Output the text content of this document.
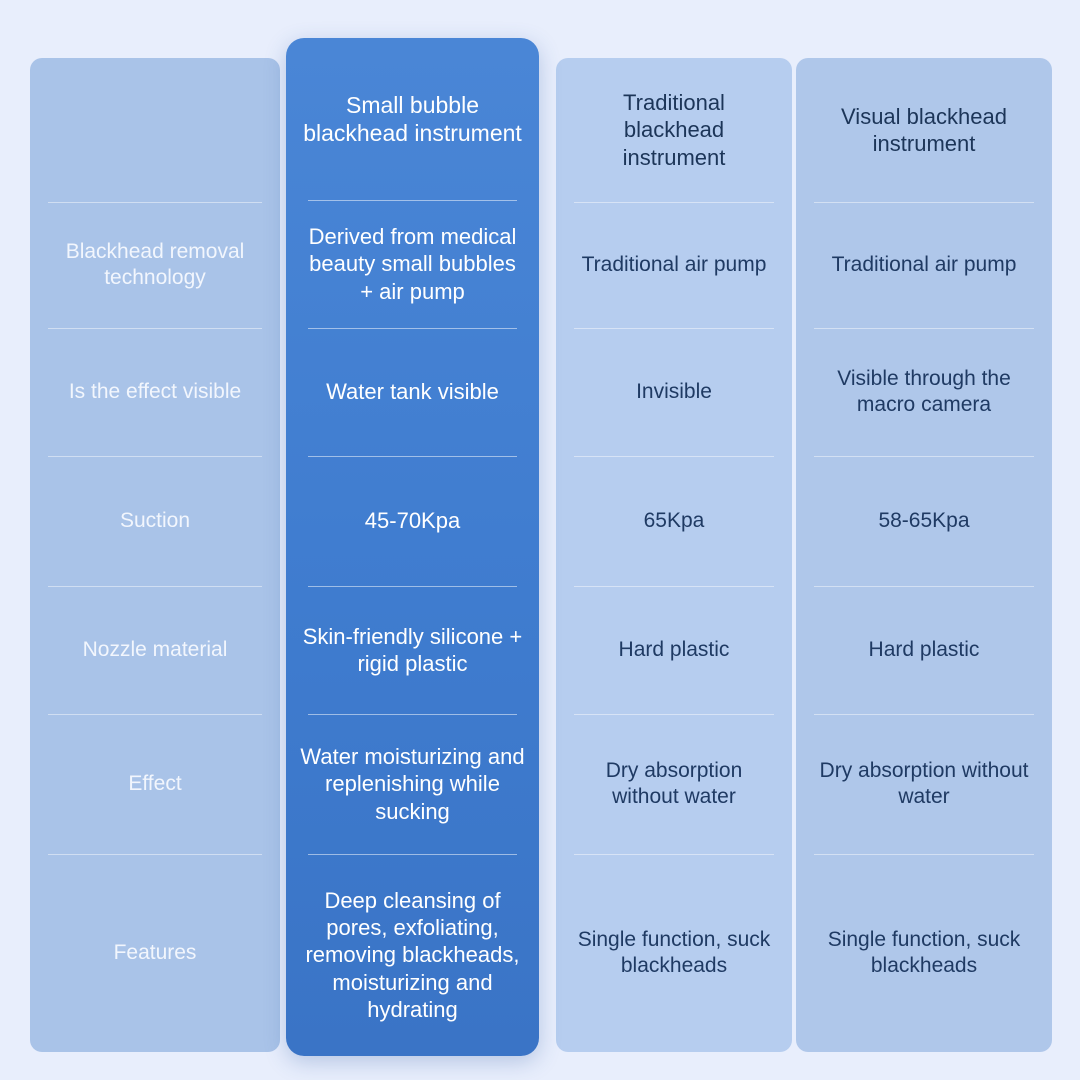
Blackhead removal technology
Is the effect visible
Suction
Nozzle material
Effect
Features
Small bubble blackhead instrument
Derived from medical beauty small bubbles + air pump
Water tank visible
45-70Kpa
Skin-friendly silicone + rigid plastic
Water moisturizing and replenishing while sucking
Deep cleansing of pores, exfoliating, removing blackheads, moisturizing and hydrating
Traditional blackhead instrument
Traditional air pump
Invisible
65Kpa
Hard plastic
Dry absorption without water
Single function, suck blackheads
Visual blackhead instrument
Traditional air pump
Visible through the macro camera
58-65Kpa
Hard plastic
Dry absorption without water
Single function, suck blackheads
